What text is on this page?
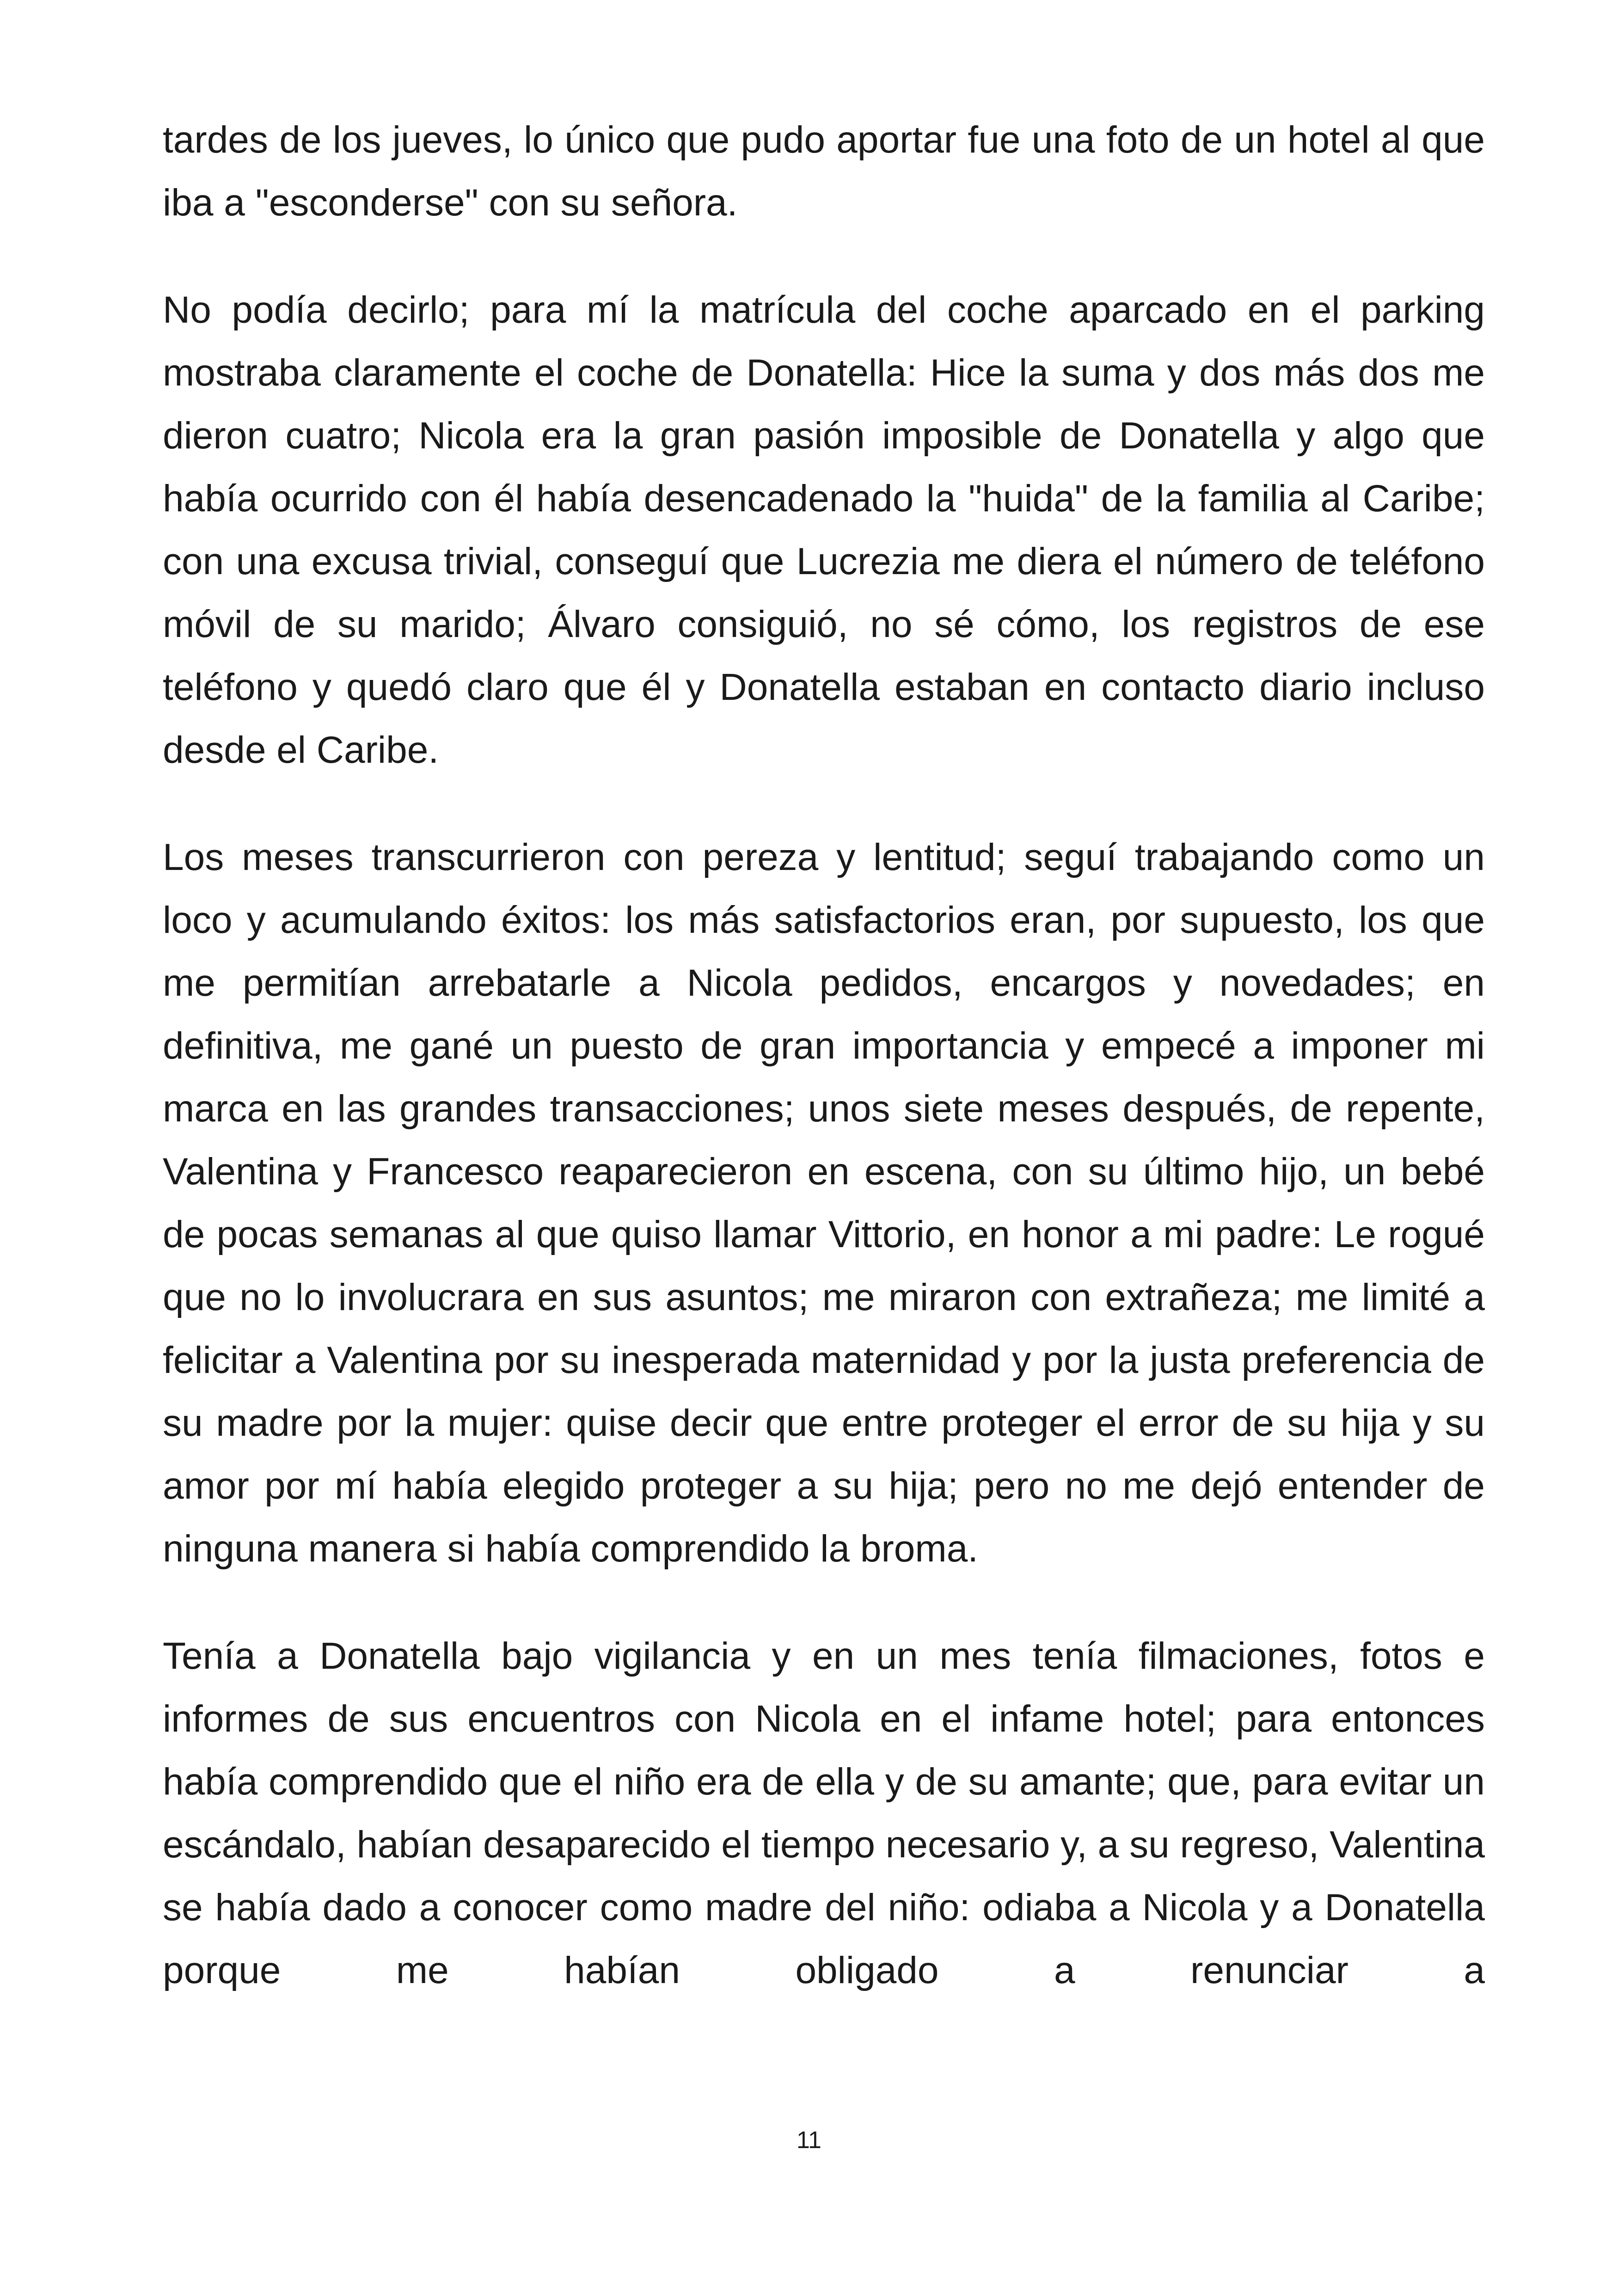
tardes de los jueves, lo único que pudo aportar fue una foto de un hotel al que iba a "esconderse" con su señora.

No podía decirlo; para mí la matrícula del coche aparcado en el parking mostraba claramente el coche de Donatella: Hice la suma y dos más dos me dieron cuatro; Nicola era la gran pasión imposible de Donatella y algo que había ocurrido con él había desencadenado la "huida" de la familia al Caribe; con una excusa trivial, conseguí que Lucrezia me diera el número de teléfono móvil de su marido; Álvaro consiguió, no sé cómo, los registros de ese teléfono y quedó claro que él y Donatella estaban en contacto diario incluso desde el Caribe.

Los meses transcurrieron con pereza y lentitud; seguí trabajando como un loco y acumulando éxitos: los más satisfactorios eran, por supuesto, los que me permitían arrebatarle a Nicola pedidos, encargos y novedades; en definitiva, me gané un puesto de gran importancia y empecé a imponer mi marca en las grandes transacciones; unos siete meses después, de repente, Valentina y Francesco reaparecieron en escena, con su último hijo, un bebé de pocas semanas al que quiso llamar Vittorio, en honor a mi padre: Le rogué que no lo involucrara en sus asuntos; me miraron con extrañeza; me limité a felicitar a Valentina por su inesperada maternidad y por la justa preferencia de su madre por la mujer: quise decir que entre proteger el error de su hija y su amor por mí había elegido proteger a su hija; pero no me dejó entender de ninguna manera si había comprendido la broma.

Tenía a Donatella bajo vigilancia y en un mes tenía filmaciones, fotos e informes de sus encuentros con Nicola en el infame hotel; para entonces había comprendido que el niño era de ella y de su amante; que, para evitar un escándalo, habían desaparecido el tiempo necesario y, a su regreso, Valentina se había dado a conocer como madre del niño: odiaba a Nicola y a Donatella porque me habían obligado a renunciar a

11
